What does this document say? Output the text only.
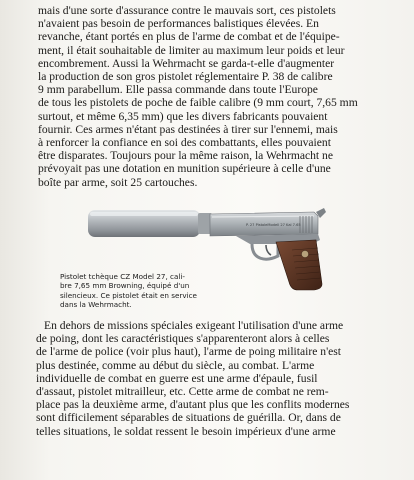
mais d'une sorte d'assurance contre le mauvais sort, ces pistolets
n'avaient pas besoin de performances balistiques élevées. En
revanche, étant portés en plus de l'arme de combat et de l'équipe-
ment, il était souhaitable de limiter au maximum leur poids et leur
encombrement. Aussi la Wehrmacht se garda-t-elle d'augmenter
la production de son gros pistolet réglementaire P. 38 de calibre
9 mm parabellum. Elle passa commande dans toute l'Europe
de tous les pistolets de poche de faible calibre (9 mm court, 7,65 mm
surtout, et même 6,35 mm) que les divers fabricants pouvaient
fournir. Ces armes n'étant pas destinées à tirer sur l'ennemi, mais
à renforcer la confiance en soi des combattants, elles pouvaient
être disparates. Toujours pour la même raison, la Wehrmacht ne
prévoyait pas une dotation en munition supérieure à celle d'une
boîte par arme, soit 25 cartouches.

P. 27 PistoleModell 27 Kal 7.65

Pistolet tchèque CZ Model 27, cali-
bre 7,65 mm Browning, équipé d'un
silencieux. Ce pistolet était en service
dans la Wehrmacht.

En dehors de missions spéciales exigeant l'utilisation d'une arme
de poing, dont les caractéristiques s'apparenteront alors à celles
de l'arme de police (voir plus haut), l'arme de poing militaire n'est
plus destinée, comme au début du siècle, au combat. L'arme
individuelle de combat en guerre est une arme d'épaule, fusil
d'assaut, pistolet mitrailleur, etc. Cette arme de combat ne rem-
place pas la deuxième arme, d'autant plus que les conflits modernes
sont difficilement séparables de situations de guérilla. Or, dans de
telles situations, le soldat ressent le besoin impérieux d'une arme
